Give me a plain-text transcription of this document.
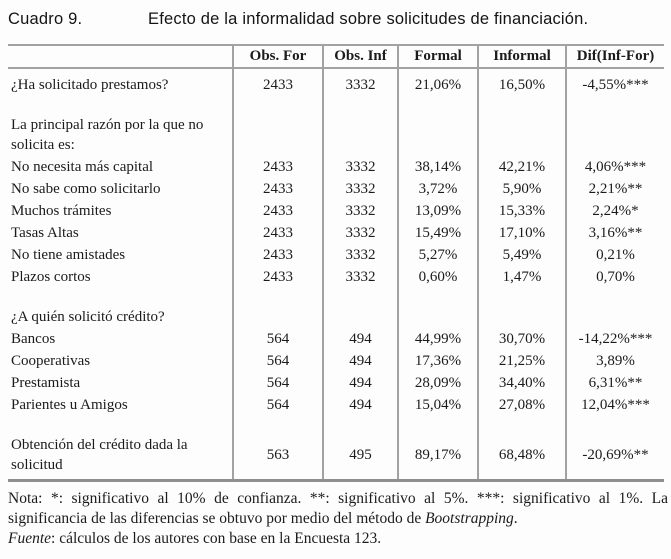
Cuadro 9.	Efecto de la informalidad sobre solicitudes de financiación.
	Obs. For	Obs. Inf	Formal	Informal	Dif(Inf-For)
¿Ha solicitado prestamos?	2433	3332	21,06%	16,50%	-4,55%***

La principal razón por la que no solicita es:					
No necesita más capital	2433	3332	38,14%	42,21%	4,06%***
No sabe como solicitarlo	2433	3332	3,72%	5,90%	2,21%**
Muchos trámites	2433	3332	13,09%	15,33%	2,24%*
Tasas Altas	2433	3332	15,49%	17,10%	3,16%**
No tiene amistades	2433	3332	5,27%	5,49%	0,21%
Plazos cortos	2433	3332	0,60%	1,47%	0,70%

¿A quién solicitó crédito?					
Bancos	564	494	44,99%	30,70%	-14,22%***
Cooperativas	564	494	17,36%	21,25%	3,89%
Prestamista	564	494	28,09%	34,40%	6,31%**
Parientes u Amigos	564	494	15,04%	27,08%	12,04%***

Obtención del crédito dada la solicitud	563	495	89,17%	68,48%	-20,69%**

Nota: *: significativo al 10% de confianza. **: significativo al 5%. ***: significativo al 1%. La significancia de las diferencias se obtuvo por medio del método de Bootstrapping.

Fuente: cálculos de los autores con base en la Encuesta 123.
